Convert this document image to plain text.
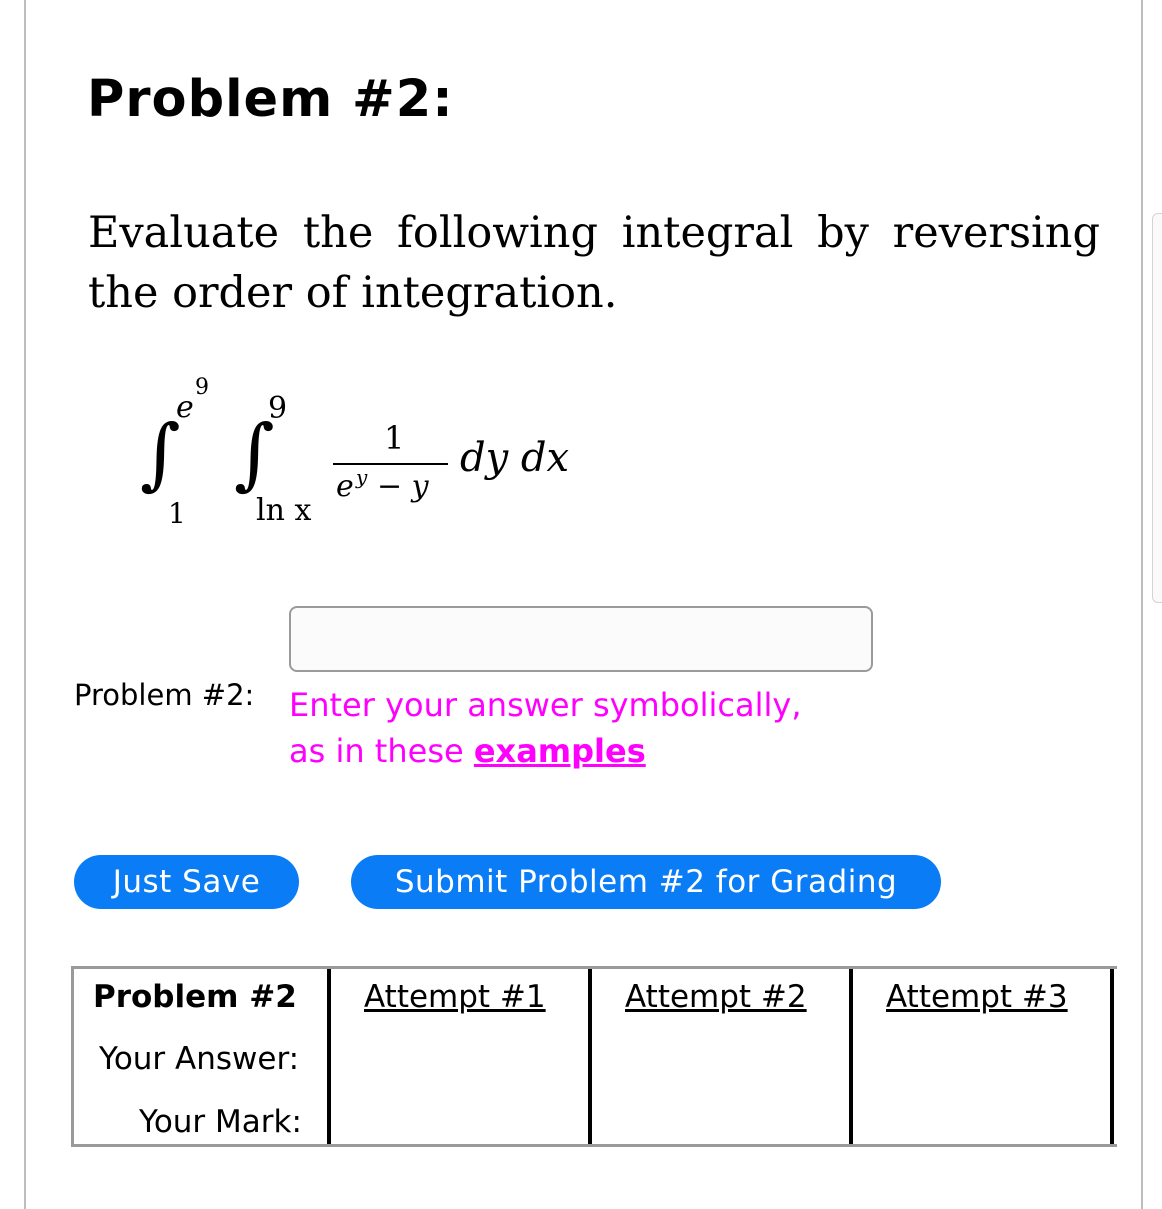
Problem #2:
Evaluate the following integral by reversing the order of integration.
∫
e
9
1
∫
9
ln x
1
e y − y
dy dx
Problem #2: Enter your answer symbolically,
as in these examples
Just Save	Submit Problem #2 for Grading
Problem #2 Attempt #1	Attempt #2	Attempt #3
Your Answer:
Your Mark:
